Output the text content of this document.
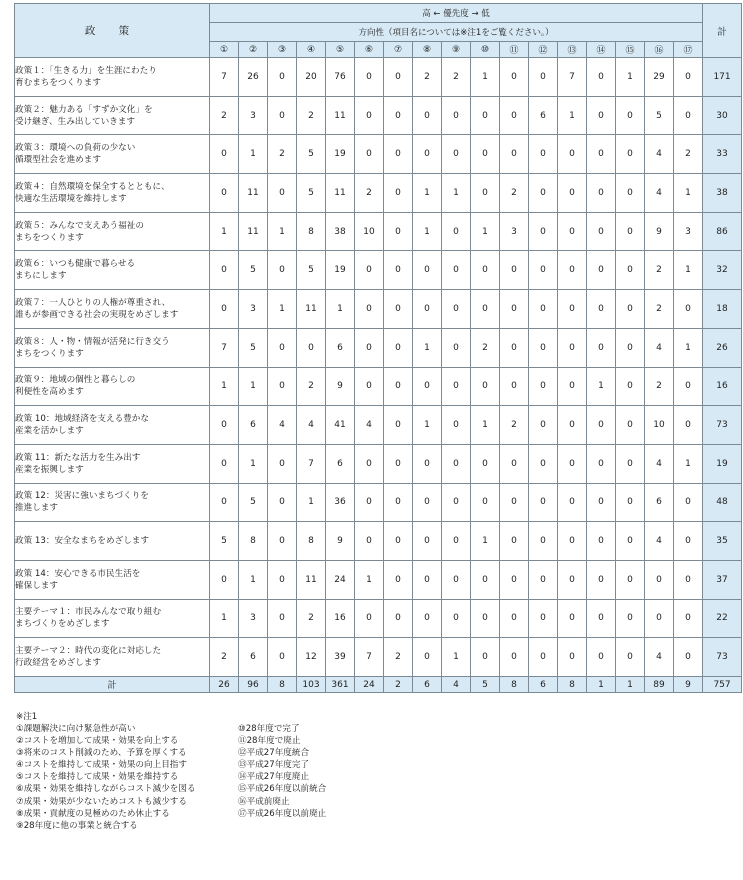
政 策	高 ← 優先度 → 低																	計
	方向性（項目名については※注1をご覧ください。）																	
	①	②	③	④	⑤	⑥	⑦	⑧	⑨	⑩	⑪	⑫	⑬	⑭	⑮	⑯	⑰	

政策１：「生きる力」を生涯にわたり
育むまちをつくります	7	26	0	20	76	0	0	2	2	1	0	0	7	0	1	29	0	171

政策２：魅力ある「すずか文化」を
受け継ぎ、生み出していきます	2	3	0	2	11	0	0	0	0	0	0	6	1	0	0	5	0	30

政策３：環境への負荷の少ない
循環型社会を進めます	0	1	2	5	19	0	0	0	0	0	0	0	0	0	0	4	2	33

政策４：自然環境を保全するとともに、
快適な生活環境を維持します	0	11	0	5	11	2	0	1	1	0	2	0	0	0	0	4	1	38

政策５：みんなで支えあう福祉の
まちをつくります	1	11	1	8	38	10	0	1	0	1	3	0	0	0	0	9	3	86

政策６：いつも健康で暮らせる
まちにします	0	5	0	5	19	0	0	0	0	0	0	0	0	0	0	2	1	32

政策７：一人ひとりの人権が尊重され、
誰もが参画できる社会の実現をめざします	0	3	1	11	1	0	0	0	0	0	0	0	0	0	0	2	0	18

政策８：人・物・情報が活発に行き交う
まちをつくります	7	5	0	0	6	0	0	1	0	2	0	0	0	0	0	4	1	26

政策９：地域の個性と暮らしの
利便性を高めます	1	1	0	2	9	0	0	0	0	0	0	0	0	1	0	2	0	16

政策 10：地域経済を支える豊かな
産業を活かします	0	6	4	4	41	4	0	1	0	1	2	0	0	0	0	10	0	73

政策 11：新たな活力を生み出す
産業を振興します	0	1	0	7	6	0	0	0	0	0	0	0	0	0	0	4	1	19

政策 12：災害に強いまちづくりを
推進します	0	5	0	1	36	0	0	0	0	0	0	0	0	0	0	6	0	48

政策 13：安全なまちをめざします	5	8	0	8	9	0	0	0	0	1	0	0	0	0	0	4	0	35

政策 14：安心できる市民生活を
確保します	0	1	0	11	24	1	0	0	0	0	0	0	0	0	0	0	0	37

主要テーマ１：市民みんなで取り組む
まちづくりをめざします	1	3	0	2	16	0	0	0	0	0	0	0	0	0	0	0	0	22

主要テーマ２：時代の変化に対応した
行政経営をめざします	2	6	0	12	39	7	2	0	1	0	0	0	0	0	0	4	0	73
計	26	96	8	103	361	24	2	6	4	5	8	6	8	1	1	89	9	757
※注1
①課題解決に向け緊急性が高い
②コストを増加して成果・効果を向上する
③将来のコスト削減のため、予算を厚くする
④コストを維持して成果・効果の向上目指す
⑤コストを維持して成果・効果を維持する
⑥成果・効果を維持しながらコスト減少を図る
⑦成果・効果が少ないためコストも減少する
⑧成果・貢献度の見極めのため休止する
⑨28年度に他の事業と統合する
⑩28年度で完了
⑪28年度で廃止
⑫平成27年度統合
⑬平成27年度完了
⑭平成27年度廃止
⑮平成26年度以前統合
⑯平成前廃止
⑰平成26年度以前廃止
